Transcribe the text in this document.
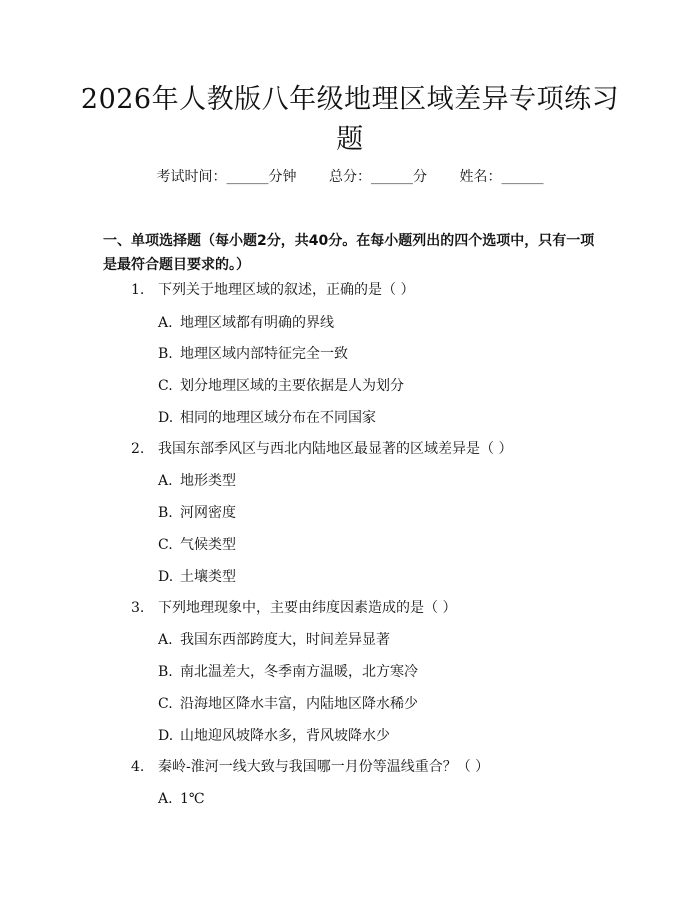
2026年人教版八年级地理区域差异专项练习题
考试时间：______分钟 总分：______分 姓名：______
一、单项选择题（每小题2分，共40分。在每小题列出的四个选项中，只有一项是最符合题目要求的。）
1. 下列关于地理区域的叙述，正确的是（ ）
A. 地理区域都有明确的界线
B. 地理区域内部特征完全一致
C. 划分地理区域的主要依据是人为划分
D. 相同的地理区域分布在不同国家
2. 我国东部季风区与西北内陆地区最显著的区域差异是（ ）
A. 地形类型
B. 河网密度
C. 气候类型
D. 土壤类型
3. 下列地理现象中，主要由纬度因素造成的是（ ）
A. 我国东西部跨度大，时间差异显著
B. 南北温差大，冬季南方温暖，北方寒冷
C. 沿海地区降水丰富，内陆地区降水稀少
D. 山地迎风坡降水多，背风坡降水少
4. 秦岭-淮河一线大致与我国哪一月份等温线重合？（ ）
A. 1℃
